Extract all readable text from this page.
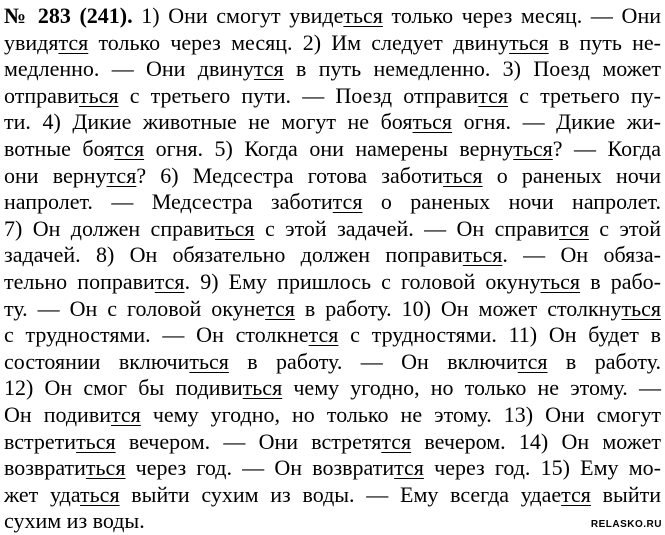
№ 283 (241). 1) Они смогут увидеться только через месяц. — Они
увидятся только через месяц. 2) Им следует двинуться в путь не-
медленно. — Они двинутся в путь немедленно. 3) Поезд может
отправиться с третьего пути. — Поезд отправится с третьего пу-
ти. 4) Дикие животные не могут не бояться огня. — Дикие жи-
вотные боятся огня. 5) Когда они намерены вернуться? — Когда
они вернутся? 6) Медсестра готова заботиться о раненых ночи
напролет. — Медсестра заботится о раненых ночи напролет.
7) Он должен справиться с этой задачей. — Он справится с этой
задачей. 8) Он обязательно должен поправиться. — Он обяза-
тельно поправится. 9) Ему пришлось с головой окунуться в рабо-
ту. — Он с головой окунется в работу. 10) Он может столкнуться
с трудностями. — Он столкнется с трудностями. 11) Он будет в
состоянии включиться в работу. — Он включится в работу.
12) Он смог бы подивиться чему угодно, но только не этому. —
Он подивится чему угодно, но только не этому. 13) Они смогут
встретиться вечером. — Они встретятся вечером. 14) Он может
возвратиться через год. — Он возвратится через год. 15) Ему мо-
жет удаться выйти сухим из воды. — Ему всегда удается выйти
сухим из воды.	RELASKO.RU
